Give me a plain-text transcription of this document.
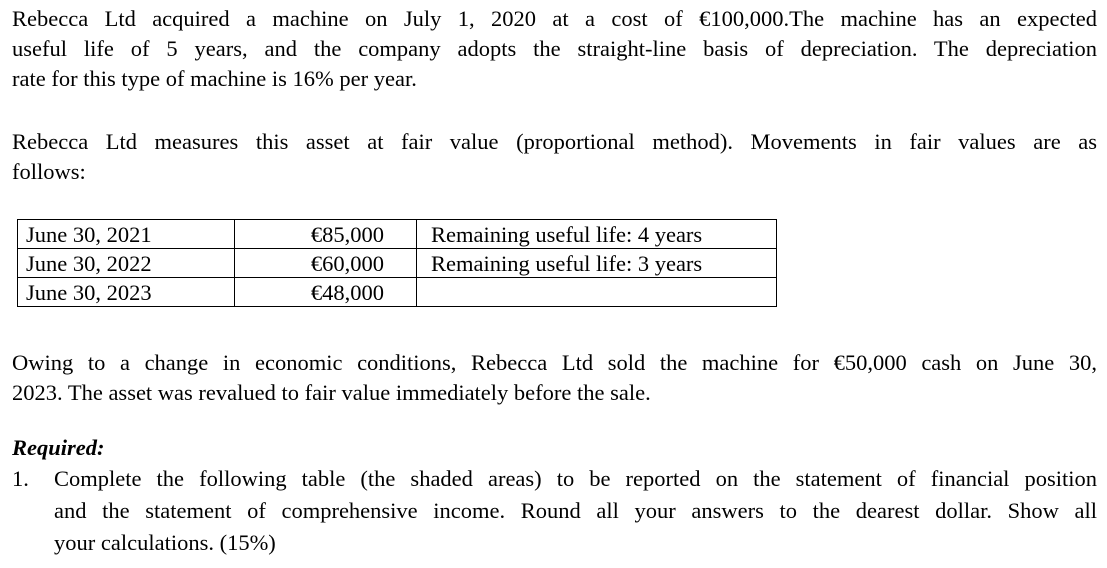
Rebecca Ltd acquired a machine on July 1, 2020 at a cost of €100,000.The machine has an expected
useful life of 5 years, and the company adopts the straight-line basis of depreciation. The depreciation
rate for this type of machine is 16% per year.

Rebecca Ltd measures this asset at fair value (proportional method). Movements in fair values are as
follows:

June 30, 2021	€85,000	Remaining useful life: 4 years
June 30, 2022	€60,000	Remaining useful life: 3 years
June 30, 2023	€48,000	

Owing to a change in economic conditions, Rebecca Ltd sold the machine for €50,000 cash on June 30,
2023. The asset was revalued to fair value immediately before the sale.

Required:

1. Complete the following table (the shaded areas) to be reported on the statement of financial position
and the statement of comprehensive income. Round all your answers to the dearest dollar. Show all
your calculations. (15%)
